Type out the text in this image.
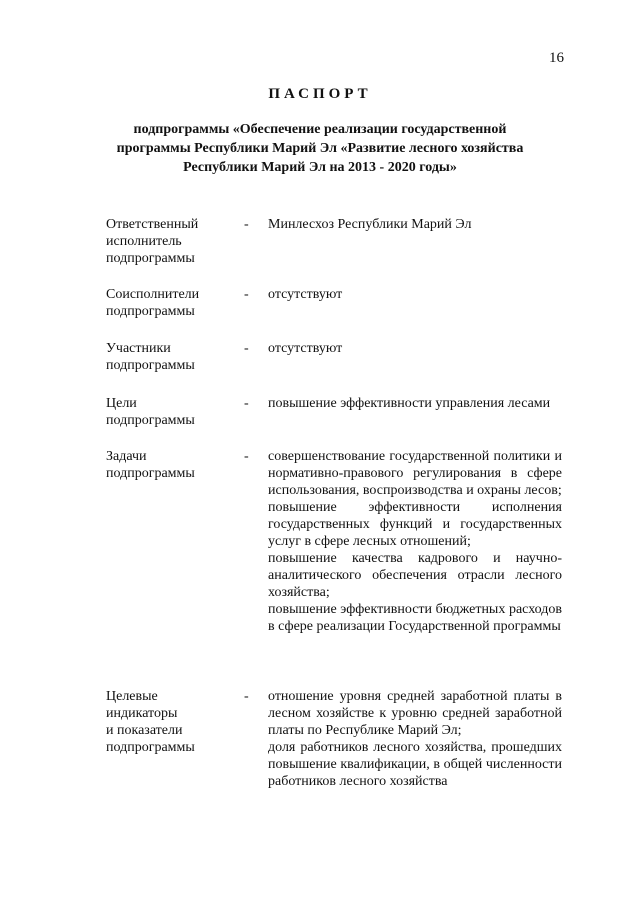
16
ПАСПОРТ
подпрограммы «Обеспечение реализации государственной
программы Республики Марий Эл «Развитие лесного хозяйства
Республики Марий Эл на 2013 - 2020 годы»
Ответственный
исполнитель
подпрограммы
- Минлесхоз Республики Марий Эл
Соисполнители
подпрограммы
- отсутствуют
Участники
подпрограммы
- отсутствуют
Цели
подпрограммы
- повышение эффективности управления лесами
Задачи
подпрограммы
- совершенствование государственной политики и нормативно-правового регулирования в сфере использования, воспроизводства и охраны лесов;
повышение эффективности исполнения государственных функций и государственных услуг в сфере лесных отношений;
повышение качества кадрового и научно-аналитического обеспечения отрасли лесного хозяйства;
повышение эффективности бюджетных расходов в сфере реализации Государственной программы
Целевые
индикаторы
и показатели
подпрограммы
- отношение уровня средней заработной платы в лесном хозяйстве к уровню средней заработной платы по Республике Марий Эл;
доля работников лесного хозяйства, прошедших повышение квалификации, в общей численности работников лесного хозяйства
